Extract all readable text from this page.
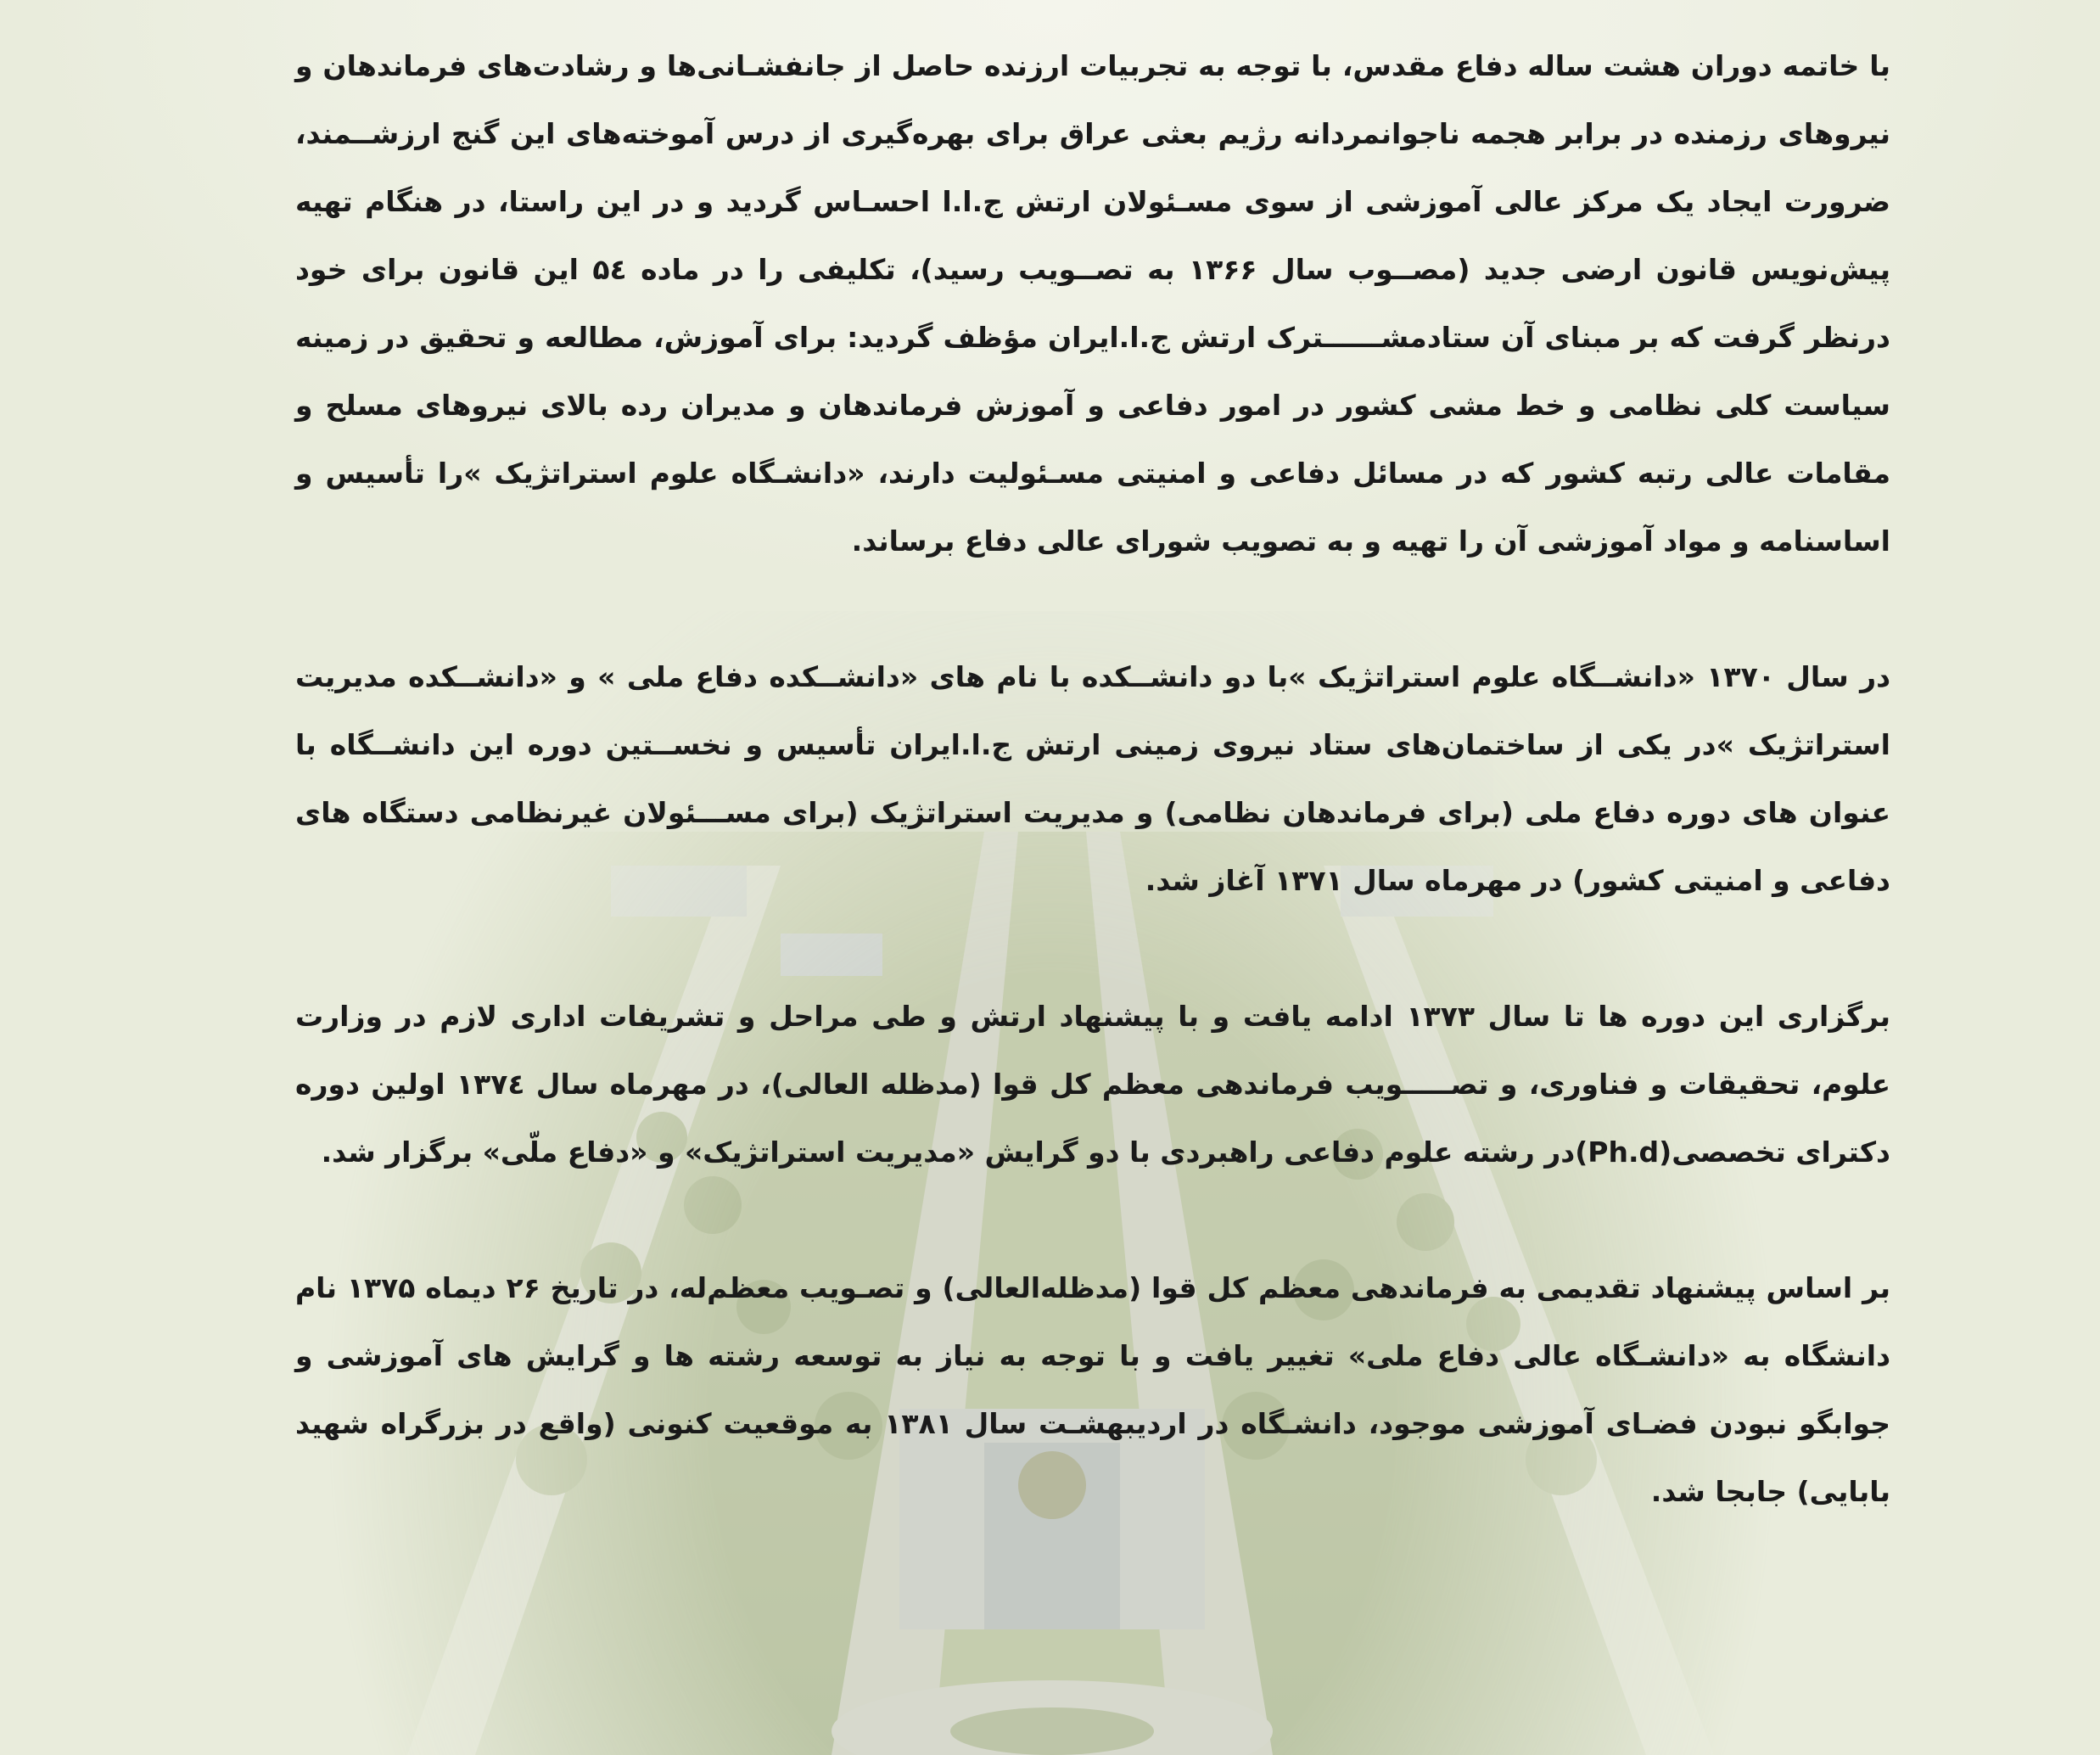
با خاتمه دوران هشت ساله دفاع مقدس، با توجه به تجربیات ارزنده حاصل از جانفشـانی‌ها و رشادت‌های فرماندهان و نیروهای رزمنده در برابر هجمه ناجوانمردانه رژیم بعثی عراق برای بهره‌گیری از درس آموخته‌های این گنج ارزشــمند، ضرورت ایجاد یک مرکز عالی آموزشی از سوی مسـئولان ارتش ج.ا.ا احسـاس گردید و در این راستا، در هنگام تهیه پیش‌نویس قانون ارضی جدید (مصــوب سال ۱۳۶۶ به تصــویب رسید)، تکلیفی را در ماده ۵٤ این قانون برای خود درنظر گرفت که بر مبنای آن ستادمشــــــترک ارتش ج.ا.ایران مؤظف گردید: برای آموزش، مطالعه و تحقیق در زمینه سیاست کلی نظامی و خط مشی کشور در امور دفاعی و آموزش فرماندهان و مدیران رده بالای نیروهای مسلح و مقامات عالی رتبه کشور که در مسائل دفاعی و امنیتی مسـئولیت دارند، «دانشـگاه علوم استراتژیک »را تأسیس و اساسنامه و مواد آموزشی آن را تهیه و به تصویب شورای عالی دفاع برساند.

در سال ۱۳۷۰ «دانشــگاه علوم استراتژیک »با دو دانشــکده با نام های «دانشــکده دفاع ملی » و «دانشــکده مدیریت استراتژیک »در یکی از ساختمان‌های ستاد نیروی زمینی ارتش ج.ا.ایران تأسیس و نخســتین دوره این دانشــگاه با عنوان های دوره دفاع ملی (برای فرماندهان نظامی) و مدیریت استراتژیک (برای مســـئولان غیرنظامی دستگاه های دفاعی و امنیتی کشور) در مهرماه سال ۱۳۷۱ آغاز شد.

برگزاری این دوره ها تا سال ۱۳۷۳ ادامه یافت و با پیشنهاد ارتش و طی مراحل و تشریفات اداری لازم در وزارت علوم، تحقیقات و فناوری، و تصـــــویب فرماندهی معظم کل قوا (مدظله العالی)، در مهرماه سال ۱۳۷٤ اولین دوره دکترای تخصصی(Ph.d)در رشته علوم دفاعی راهبردی با دو گرایش «مدیریت استراتژیک» و «دفاع ملّی» برگزار شد.

بر اساس پیشنهاد تقدیمی به فرماندهی معظم کل قوا (مدظله‌العالی) و تصـویب معظم‌له، در تاریخ ۲۶ دیماه ۱۳۷۵ نام دانشگاه به «دانشـگاه عالی دفاع ملی» تغییر یافت و با توجه به نیاز به توسعه رشته ها و گرایش های آموزشی و جوابگو نبودن فضـای آموزشی موجود، دانشـگاه در اردیبهشـت سال ۱۳۸۱ به موقعیت کنونی (واقع در بزرگراه شهید بابایی) جابجا شد.
